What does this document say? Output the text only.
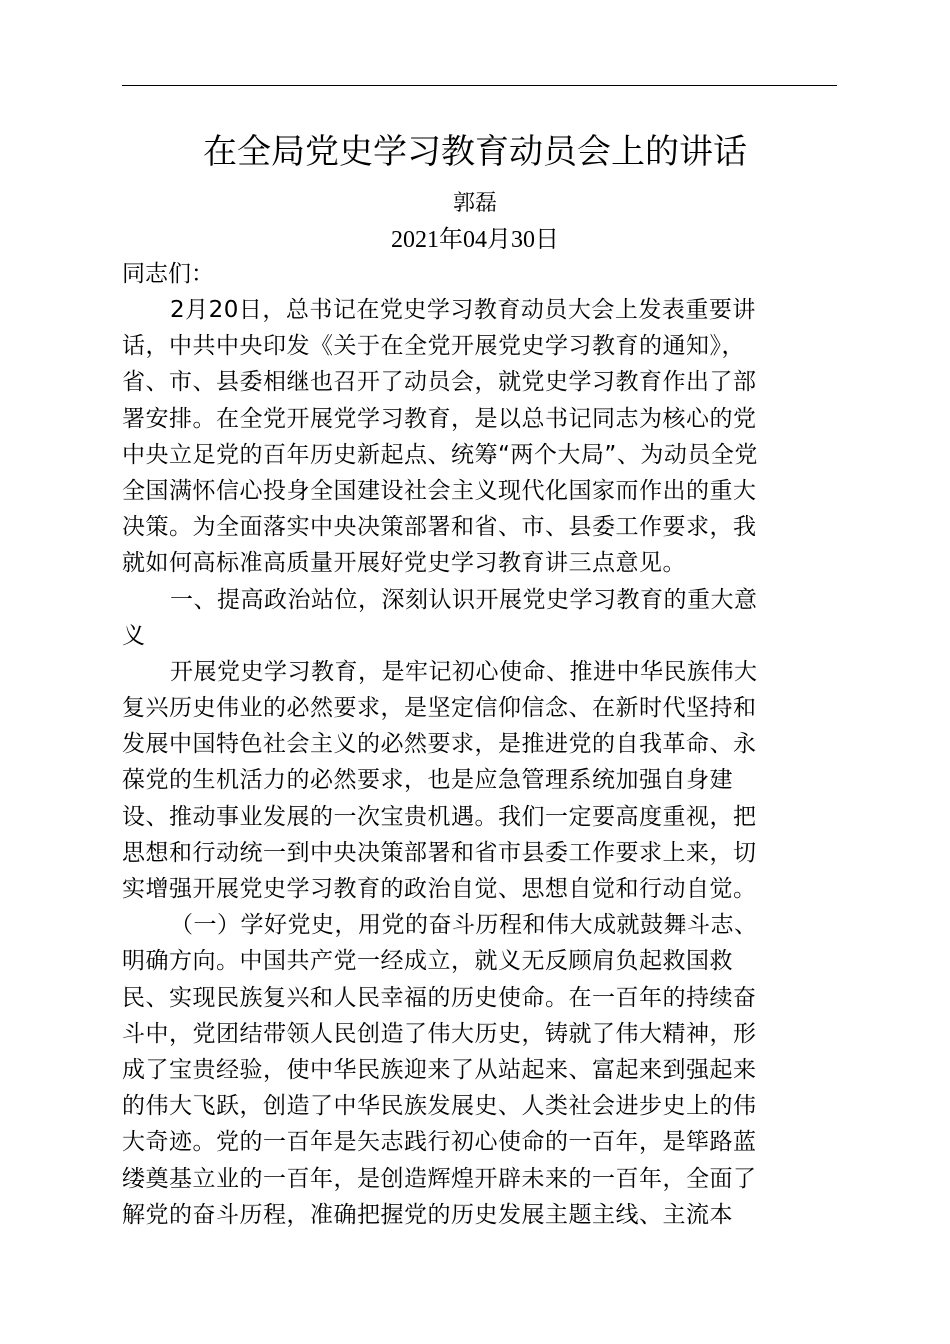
在全局党史学习教育动员会上的讲话
郭磊
2021年04月30日
同志们：
2月20日，总书记在党史学习教育动员大会上发表重要讲
话，中共中央印发《关于在全党开展党史学习教育的通知》，
省、市、县委相继也召开了动员会，就党史学习教育作出了部
署安排。在全党开展党学习教育，是以总书记同志为核心的党
中央立足党的百年历史新起点、统筹“两个大局”、为动员全党
全国满怀信心投身全国建设社会主义现代化国家而作出的重大
决策。为全面落实中央决策部署和省、市、县委工作要求，我
就如何高标准高质量开展好党史学习教育讲三点意见。
一、提高政治站位，深刻认识开展党史学习教育的重大意
义
开展党史学习教育，是牢记初心使命、推进中华民族伟大
复兴历史伟业的必然要求，是坚定信仰信念、在新时代坚持和
发展中国特色社会主义的必然要求，是推进党的自我革命、永
葆党的生机活力的必然要求，也是应急管理系统加强自身建
设、推动事业发展的一次宝贵机遇。我们一定要高度重视，把
思想和行动统一到中央决策部署和省市县委工作要求上来，切
实增强开展党史学习教育的政治自觉、思想自觉和行动自觉。
（一）学好党史，用党的奋斗历程和伟大成就鼓舞斗志、
明确方向。中国共产党一经成立，就义无反顾肩负起救国救
民、实现民族复兴和人民幸福的历史使命。在一百年的持续奋
斗中，党团结带领人民创造了伟大历史，铸就了伟大精神，形
成了宝贵经验，使中华民族迎来了从站起来、富起来到强起来
的伟大飞跃，创造了中华民族发展史、人类社会进步史上的伟
大奇迹。党的一百年是矢志践行初心使命的一百年，是筚路蓝
缕奠基立业的一百年，是创造辉煌开辟未来的一百年，全面了
解党的奋斗历程，准确把握党的历史发展主题主线、主流本
